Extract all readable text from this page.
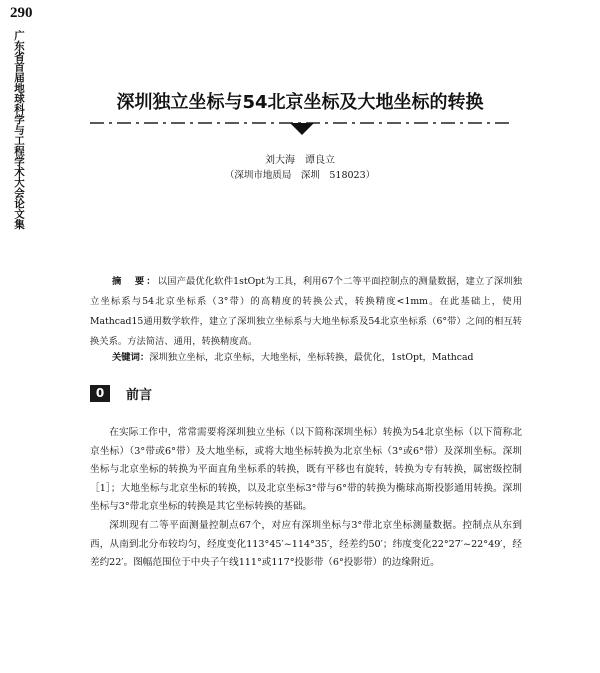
290
广东省首届地球科学与工程学术大会论文集	深圳独立坐标与54北京坐标及大地坐标的转换
刘大海　谭良立
（深圳市地质局　深圳　518023）
摘　要：以国产最优化软件1stOpt为工具，利用67个二等平面控制点的测量数据，建立了深圳独立坐标系与54北京坐标系（3°带）的高精度的转换公式，转换精度<1mm。在此基础上，使用Mathcad15通用数学软件，建立了深圳独立坐标系与大地坐标系及54北京坐标系（6°带）之间的相互转换关系。方法简洁、通用，转换精度高。
关键词：深圳独立坐标，北京坐标，大地坐标，坐标转换，最优化，1stOpt，Mathcad
0	前言

在实际工作中，常常需要将深圳独立坐标（以下简称深圳坐标）转换为54北京坐标（以下简称北京坐标）（3°带或6°带）及大地坐标，或将大地坐标转换为北京坐标（3°或6°带）及深圳坐标。深圳坐标与北京坐标的转换为平面直角坐标系的转换，既有平移也有旋转，转换为专有转换，属密级控制［1］；大地坐标与北京坐标的转换，以及北京坐标3°带与6°带的转换为椭球高斯投影通用转换。深圳坐标与3°带北京坐标的转换是其它坐标转换的基础。

深圳现有二等平面测量控制点67个，对应有深圳坐标与3°带北京坐标测量数据。控制点从东到西，从南到北分布较均匀，经度变化113°45′~114°35′，经差约50′；纬度变化22°27′~22°49′，经差约22′。图幅范围位于中央子午线111°或117°投影带（6°投影带）的边缘附近。
